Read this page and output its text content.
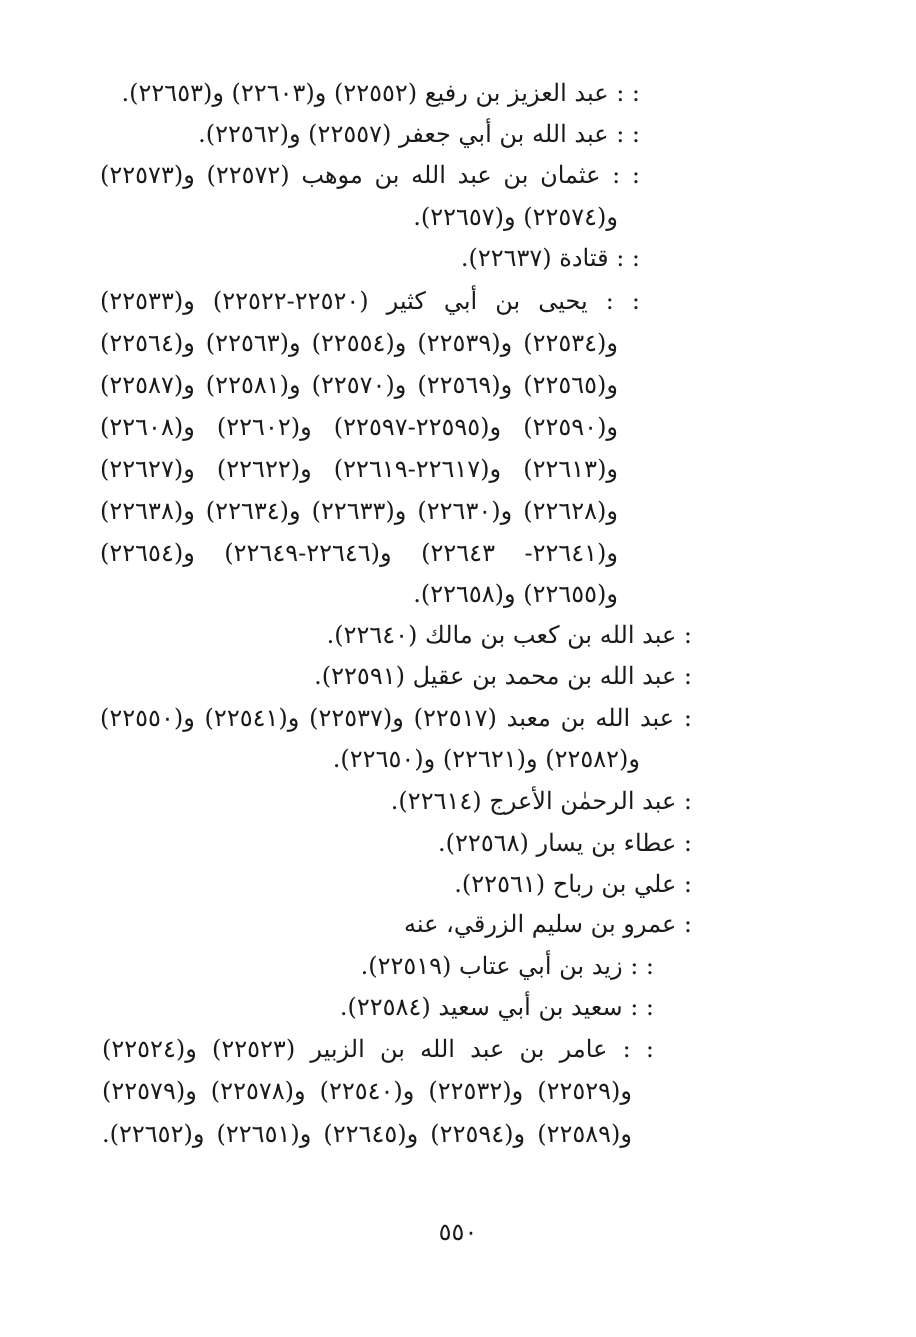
: : عبد العزيز بن رفيع (٢٢٥٥٢) و(٢٢٦٠٣) و(٢٢٦٥٣).
: : عبد الله بن أبي جعفر (٢٢٥٥٧) و(٢٢٥٦٢).
: : عثمان بن عبد الله بن موهب (٢٢٥٧٢) و(٢٢٥٧٣)
و(٢٢٥٧٤) و(٢٢٦٥٧).
: : قتادة (٢٢٦٣٧).
: : يحيى بن أبي كثير (٢٢٥٢٠-٢٢٥٢٢) و(٢٢٥٣٣)
و(٢٢٥٣٤) و(٢٢٥٣٩) و(٢٢٥٥٤) و(٢٢٥٦٣) و(٢٢٥٦٤)
و(٢٢٥٦٥) و(٢٢٥٦٩) و(٢٢٥٧٠) و(٢٢٥٨١) و(٢٢٥٨٧)
و(٢٢٥٩٠) و(٢٢٥٩٥-٢٢٥٩٧) و(٢٢٦٠٢) و(٢٢٦٠٨)
و(٢٢٦١٣) و(٢٢٦١٧-٢٢٦١٩) و(٢٢٦٢٢) و(٢٢٦٢٧)
و(٢٢٦٢٨) و(٢٢٦٣٠) و(٢٢٦٣٣) و(٢٢٦٣٤) و(٢٢٦٣٨)
و(٢٢٦٤١- ٢٢٦٤٣) و(٢٢٦٤٦-٢٢٦٤٩) و(٢٢٦٥٤)
و(٢٢٦٥٥) و(٢٢٦٥٨).
: عبد الله بن كعب بن مالك (٢٢٦٤٠).
: عبد الله بن محمد بن عقيل (٢٢٥٩١).
: عبد الله بن معبد (٢٢٥١٧) و(٢٢٥٣٧) و(٢٢٥٤١) و(٢٢٥٥٠)
و(٢٢٥٨٢) و(٢٢٦٢١) و(٢٢٦٥٠).
: عبد الرحمٰن الأعرج (٢٢٦١٤).
: عطاء بن يسار (٢٢٥٦٨).
: علي بن رباح (٢٢٥٦١).
: عمرو بن سليم الزرقي، عنه
: : زيد بن أبي عتاب (٢٢٥١٩).
: : سعيد بن أبي سعيد (٢٢٥٨٤).
: : عامر بن عبد الله بن الزبير (٢٢٥٢٣) و(٢٢٥٢٤)
و(٢٢٥٢٩) و(٢٢٥٣٢) و(٢٢٥٤٠) و(٢٢٥٧٨) و(٢٢٥٧٩)
و(٢٢٥٨٩) و(٢٢٥٩٤) و(٢٢٦٤٥) و(٢٢٦٥١) و(٢٢٦٥٢).
٥٥٠
